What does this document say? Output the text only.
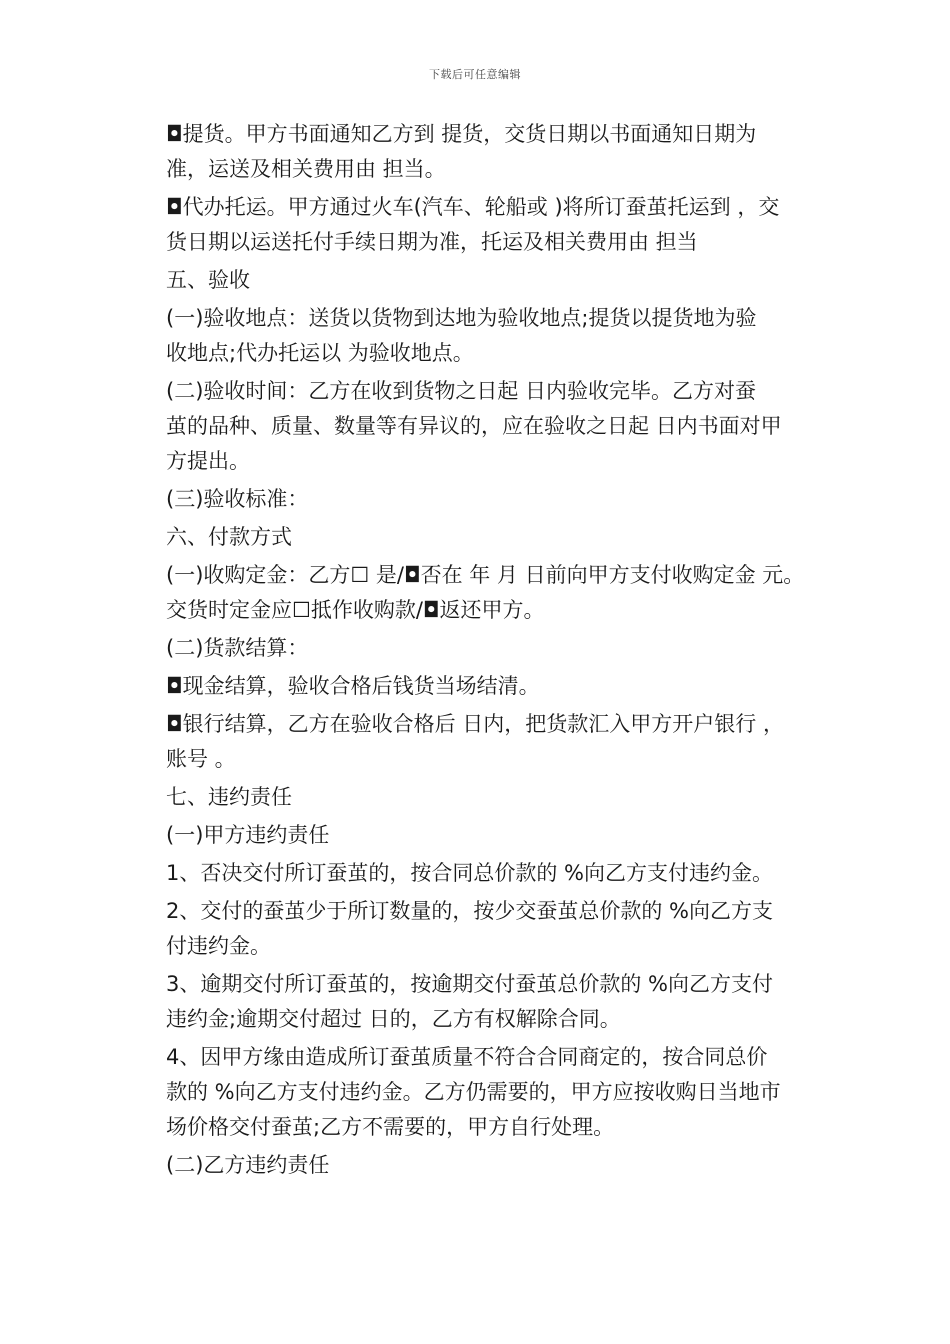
下载后可任意编辑
◘提货。甲方书面通知乙方到 提货，交货日期以书面通知日期为
准，运送及相关费用由 担当。
◘代办托运。甲方通过火车(汽车、轮船或 )将所订蚕茧托运到 ，交
货日期以运送托付手续日期为准，托运及相关费用由 担当
五、验收
(一)验收地点：送货以货物到达地为验收地点;提货以提货地为验
收地点;代办托运以 为验收地点。
(二)验收时间：乙方在收到货物之日起 日内验收完毕。乙方对蚕
茧的品种、质量、数量等有异议的，应在验收之日起 日内书面对甲
方提出。
(三)验收标准：
六、付款方式
(一)收购定金：乙方☐ 是/◘否在 年 月 日前向甲方支付收购定金 元。
交货时定金应☐抵作收购款/◘返还甲方。
(二)货款结算：
◘现金结算，验收合格后钱货当场结清。
◘银行结算，乙方在验收合格后 日内，把货款汇入甲方开户银行 ，
账号 。
七、违约责任
(一)甲方违约责任
1、否决交付所订蚕茧的，按合同总价款的 %向乙方支付违约金。
2、交付的蚕茧少于所订数量的，按少交蚕茧总价款的 %向乙方支
付违约金。
3、逾期交付所订蚕茧的，按逾期交付蚕茧总价款的 %向乙方支付
违约金;逾期交付超过 日的，乙方有权解除合同。
4、因甲方缘由造成所订蚕茧质量不符合合同商定的，按合同总价
款的 %向乙方支付违约金。乙方仍需要的，甲方应按收购日当地市
场价格交付蚕茧;乙方不需要的，甲方自行处理。
(二)乙方违约责任
